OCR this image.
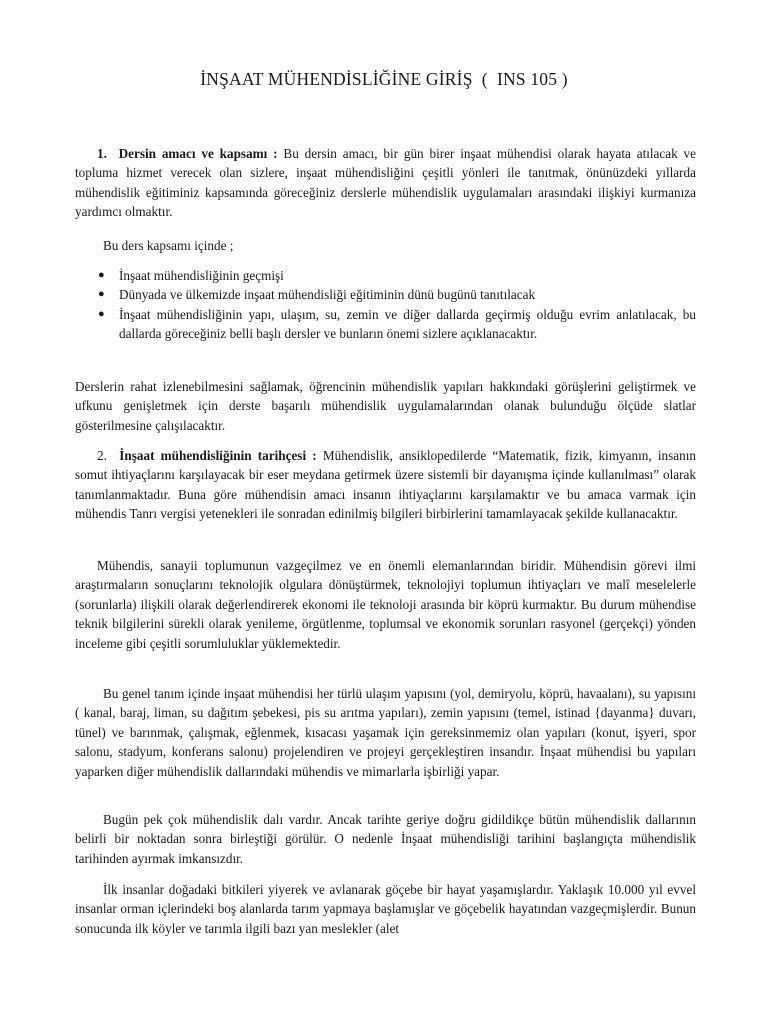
İNŞAAT MÜHENDİSLİĞİNE GİRİŞ  (  INS 105 )

1. Dersin amacı ve kapsamı : Bu dersin amacı, bir gün birer inşaat mühendisi olarak hayata atılacak ve topluma hizmet verecek olan sizlere, inşaat mühendisliğini çeşitli yönleri ile tanıtmak, önünüzdeki yıllarda mühendislik eğitiminiz kapsamında göreceğiniz derslerle mühendislik uygulamaları arasındaki ilişkiyi kurmanıza yardımcı olmaktır.

Bu ders kapsamı içinde ;

● İnşaat mühendisliğinin geçmişi
● Dünyada ve ülkemizde inşaat mühendisliği eğitiminin dünü bugünü tanıtılacak
● İnşaat mühendisliğinin yapı, ulaşım, su, zemin ve diğer dallarda geçirmiş olduğu evrim anlatılacak, bu dallarda göreceğiniz belli başlı dersler ve bunların önemi sizlere açıklanacaktır.

Derslerin rahat izlenebilmesini sağlamak, öğrencinin mühendislik yapıları hakkındaki görüşlerini geliştirmek ve ufkunu genişletmek için derste başarılı mühendislik uygulamalarından olanak bulunduğu ölçüde slatlar gösterilmesine çalışılacaktır.

2. İnşaat mühendisliğinin tarihçesi : Mühendislik, ansiklopedilerde “Matematik, fizik, kimyanın, insanın somut ihtiyaçlarını karşılayacak bir eser meydana getirmek üzere sistemli bir dayanışma içinde kullanılması” olarak tanımlanmaktadır. Buna göre mühendisin amacı insanın ihtiyaçlarını karşılamaktır ve bu amaca varmak için mühendis Tanrı vergisi yetenekleri ile sonradan edinilmiş bilgileri birbirlerini tamamlayacak şekilde kullanacaktır.

Mühendis, sanayii toplumunun vazgeçilmez ve en önemli elemanlarından biridir. Mühendisin görevi ilmi araştırmaların sonuçlarını teknolojik olgulara dönüştürmek, teknolojiyi toplumun ihtiyaçları ve malî meselelerle (sorunlarla) ilişkili olarak değerlendirerek ekonomi ile teknoloji arasında bir köprü kurmaktır. Bu durum mühendise teknik bilgilerini sürekli olarak yenileme, örgütlenme, toplumsal ve ekonomik sorunları rasyonel (gerçekçi) yönden inceleme gibi çeşitli sorumluluklar yüklemektedir.

Bu genel tanım içinde inşaat mühendisi her türlü ulaşım yapısını (yol, demiryolu, köprü, havaalanı), su yapısını ( kanal, baraj, liman, su dağıtım şebekesi, pis su arıtma yapıları), zemin yapısını (temel, istinad {dayanma} duvarı, tünel) ve barınmak, çalışmak, eğlenmek, kısacası yaşamak için gereksinmemiz olan yapıları (konut, işyeri, spor salonu, stadyum, konferans salonu) projelendiren ve projeyi gerçekleştiren insandır. İnşaat mühendisi bu yapıları yaparken diğer mühendislik dallarındaki mühendis ve mimarlarla işbirliği yapar.

Bugün pek çok mühendislik dalı vardır. Ancak tarihte geriye doğru gidildikçe bütün mühendislik dallarının belirli bir noktadan sonra birleştiği görülür. O nedenle İnşaat mühendisliği tarihini başlangıçta mühendislik tarihinden ayırmak imkansızdır.

İlk insanlar doğadaki bitkileri yiyerek ve avlanarak göçebe bir hayat yaşamışlardır. Yaklaşık 10.000 yıl evvel insanlar orman içlerindeki boş alanlarda tarım yapmaya başlamışlar ve göçebelik hayatından vazgeçmişlerdir. Bunun sonucunda ilk köyler ve tarımla ilgili bazı yan meslekler (alet
